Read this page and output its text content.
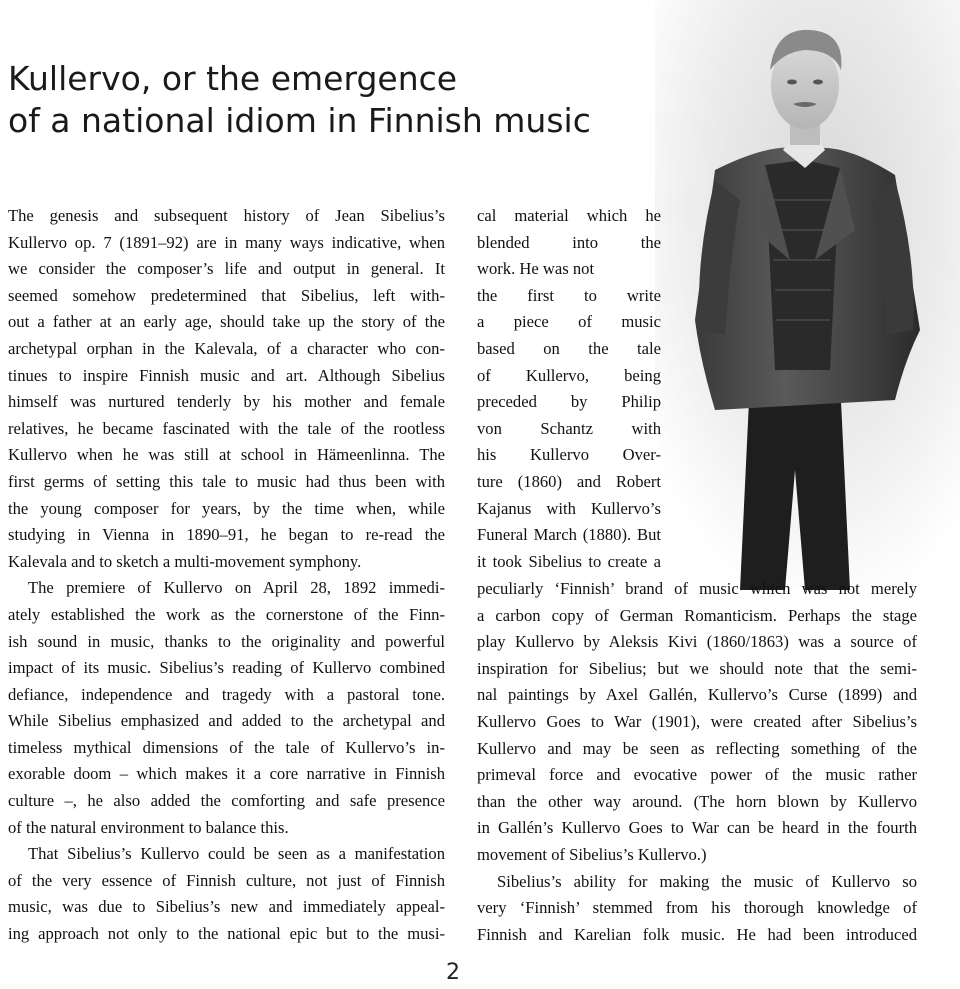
Kullervo, or the emergence
of a national idiom in Finnish music
The genesis and subsequent history of Jean Sibelius’s
Kullervo op. 7 (1891–92) are in many ways indicative, when
we consider the composer’s life and output in general. It
seemed somehow predetermined that Sibelius, left with-
out a father at an early age, should take up the story of the
archetypal orphan in the Kalevala, of a character who con-
tinues to inspire Finnish music and art. Although Sibelius
himself was nurtured tenderly by his mother and female
relatives, he became fascinated with the tale of the rootless
Kullervo when he was still at school in Hämeenlinna. The
first germs of setting this tale to music had thus been with
the young composer for years, by the time when, while
studying in Vienna in 1890–91, he began to re-read the
Kalevala and to sketch a multi-movement symphony.
The premiere of Kullervo on April 28, 1892 immedi-
ately established the work as the cornerstone of the Finn-
ish sound in music, thanks to the originality and powerful
impact of its music. Sibelius’s reading of Kullervo combined
defiance, independence and tragedy with a pastoral tone.
While Sibelius emphasized and added to the archetypal and
timeless mythical dimensions of the tale of Kullervo’s in-
exorable doom – which makes it a core narrative in Finnish
culture –, he also added the comforting and safe presence
of the natural environment to balance this.
That Sibelius’s Kullervo could be seen as a manifestation
of the very essence of Finnish culture, not just of Finnish
music, was due to Sibelius’s new and immediately appeal-
ing approach not only to the national epic but to the musi-
cal material which he
blended into the
work. He was not
the first to write
a piece of music
based on the tale
of Kullervo, being
preceded by Philip
von Schantz with
his Kullervo Over-
ture (1860) and Robert
Kajanus with Kullervo’s
Funeral March (1880). But
it took Sibelius to create a
peculiarly ‘Finnish’ brand of music which was not merely
a carbon copy of German Romanticism. Perhaps the stage
play Kullervo by Aleksis Kivi (1860/1863) was a source of
inspiration for Sibelius; but we should note that the semi-
nal paintings by Axel Gallén, Kullervo’s Curse (1899) and
Kullervo Goes to War (1901), were created after Sibelius’s
Kullervo and may be seen as reflecting something of the
primeval force and evocative power of the music rather
than the other way around. (The horn blown by Kullervo
in Gallén’s Kullervo Goes to War can be heard in the fourth
movement of Sibelius’s Kullervo.)
Sibelius’s ability for making the music of Kullervo so
very ‘Finnish’ stemmed from his thorough knowledge of
Finnish and Karelian folk music. He had been introduced
2
